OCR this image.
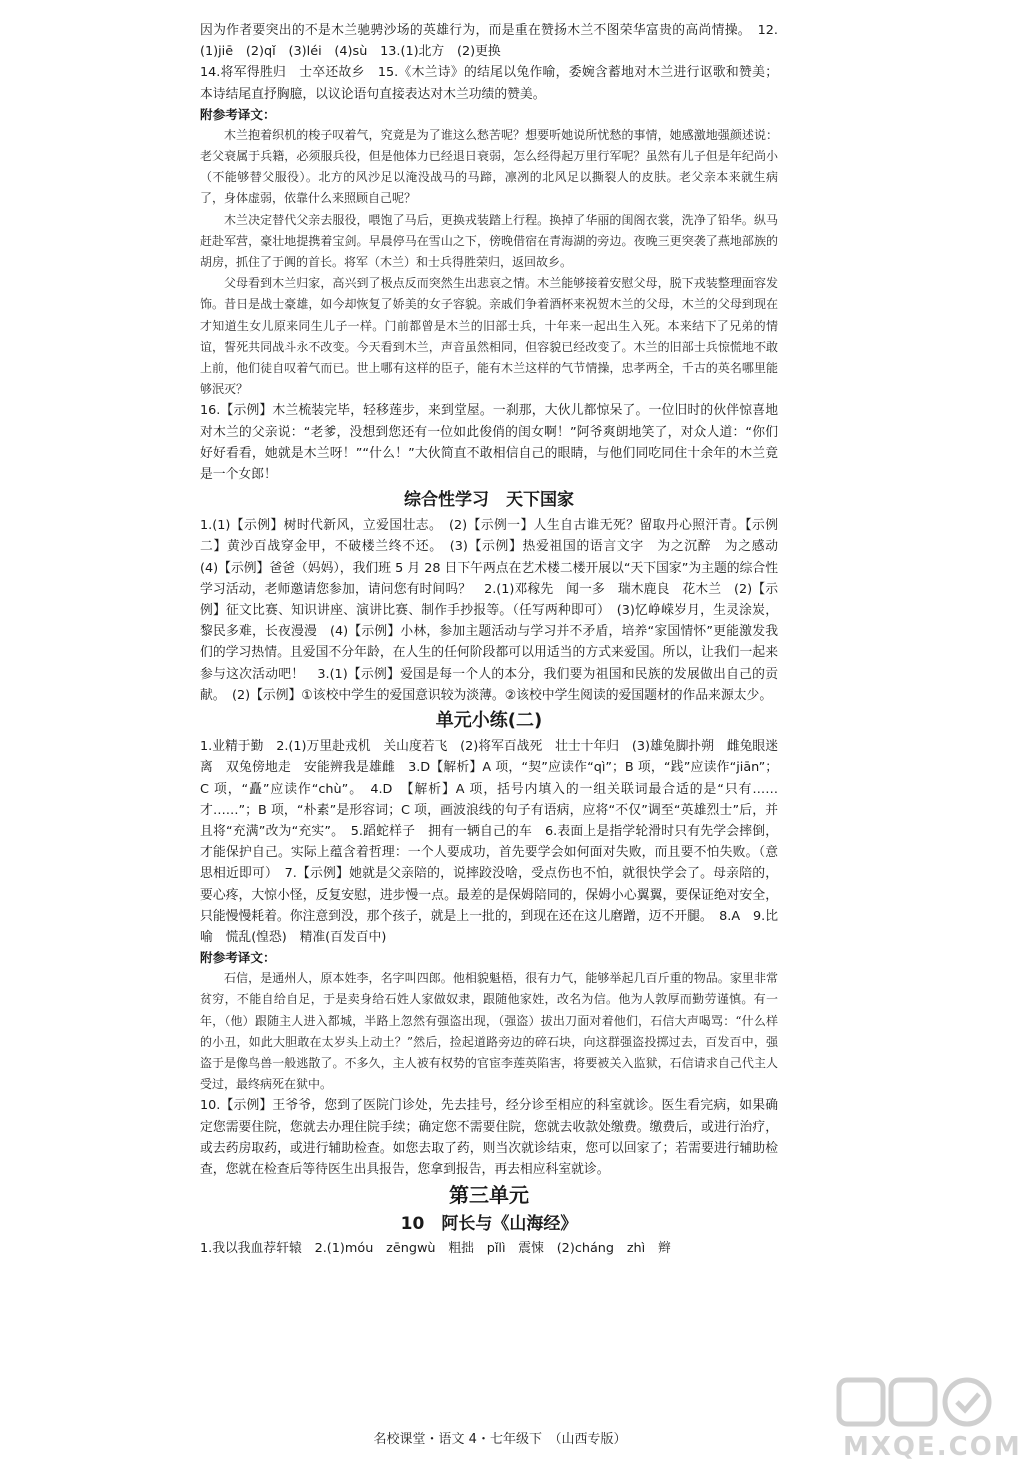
因为作者要突出的不是木兰驰骋沙场的英雄行为，而是重在赞扬木兰不图荣华富贵的高尚情操。　12.(1)jiē　(2)qǐ　(3)léi　(4)sù　13.(1)北方　(2)更换

14.将军得胜归　士卒还故乡　15.《木兰诗》的结尾以兔作喻，委婉含蓄地对木兰进行讴歌和赞美；本诗结尾直抒胸臆，以议论语句直接表达对木兰功绩的赞美。

附参考译文：

木兰抱着织机的梭子叹着气，究竟是为了谁这么愁苦呢？想要听她说所忧愁的事情，她感激地强颜述说：老父衰属于兵籍，必须服兵役，但是他体力已经退日衰弱，怎么经得起万里行军呢？虽然有儿子但是年纪尚小（不能够替父服役）。北方的风沙足以淹没战马的马蹄，凛冽的北风足以撕裂人的皮肤。老父亲本来就生病了，身体虚弱，依靠什么来照顾自己呢？

木兰决定替代父亲去服役，喂饱了马后，更换戎装踏上行程。换掉了华丽的闺阁衣裳，洗净了铅华。纵马赶赴军营，豪壮地提携着宝剑。早晨停马在雪山之下，傍晚借宿在青海湖的旁边。夜晚三更突袭了燕地部族的胡房，抓住了于阗的首长。将军（木兰）和士兵得胜荣归，返回故乡。

父母看到木兰归家，高兴到了极点反而突然生出悲哀之情。木兰能够接着安慰父母，脱下戎装整理面容发饰。昔日是战士豪雄，如今却恢复了娇美的女子容貌。亲戚们争着酒杯来祝贺木兰的父母，木兰的父母到现在才知道生女儿原来同生儿子一样。门前都曾是木兰的旧部士兵，十年来一起出生入死。本来结下了兄弟的情谊，誓死共同战斗永不改变。今天看到木兰，声音虽然相同，但容貌已经改变了。木兰的旧部士兵惊慌地不敢上前，他们徒自叹着气而已。世上哪有这样的臣子，能有木兰这样的气节情操，忠孝两全，千古的英名哪里能够泯灭？

16.【示例】木兰梳装完毕，轻移莲步，来到堂屋。一刹那，大伙儿都惊呆了。一位旧时的伙伴惊喜地对木兰的父亲说：“老爹，没想到您还有一位如此俊俏的闺女啊！”阿爷爽朗地笑了，对众人道：“你们好好看看，她就是木兰呀！”“什么！”大伙简直不敢相信自己的眼睛，与他们同吃同住十余年的木兰竟是一个女郎！

综合性学习　天下国家

1.(1)【示例】树时代新风，立爱国壮志。　(2)【示例一】人生自古谁无死？留取丹心照汗青。【示例二】黄沙百战穿金甲，不破楼兰终不还。　(3)【示例】热爱祖国的语言文字　为之沉醉　为之感动　(4)【示例】爸爸（妈妈），我们班 5 月 28 日下午两点在艺术楼二楼开展以“天下国家”为主题的综合性学习活动，老师邀请您参加，请问您有时间吗？　2.(1)邓稼先　闻一多　瑞木鹿良　花木兰　(2)【示例】征文比赛、知识讲座、演讲比赛、制作手抄报等。（任写两种即可）　(3)忆峥嵘岁月，生灵涂炭，黎民多难，长夜漫漫　(4)【示例】小林，参加主题活动与学习并不矛盾，培养“家国情怀”更能激发我们的学习热情。且爱国不分年龄，在人生的任何阶段都可以用适当的方式来爱国。所以，让我们一起来参与这次活动吧！　3.(1)【示例】爱国是每一个人的本分，我们要为祖国和民族的发展做出自己的贡献。　(2)【示例】①该校中学生的爱国意识较为淡薄。②该校中学生阅读的爱国题材的作品来源太少。

单元小练(二)

1.业精于勤　2.(1)万里赴戎机　关山度若飞　(2)将军百战死　壮士十年归　(3)雄兔脚扑朔　雌兔眼迷离　双兔傍地走　安能辨我是雄雌　3.D【解析】A 项，“契”应读作“qì”；B 项，“践”应读作“jiān”；C 项，“矗”应读作“chù”。　4.D　【解析】A 项，括号内填入的一组关联词最合适的是“只有……才……”；B 项，“朴素”是形容词；C 项，画波浪线的句子有语病，应将“不仅”调至“英雄烈士”后，并且将“充满”改为“充实”。　5.蹈蛇样子　拥有一辆自己的车　6.表面上是指学轮滑时只有先学会摔倒，才能保护自己。实际上蕴含着哲理：一个人要成功，首先要学会如何面对失败，而且要不怕失败。（意思相近即可）　7.【示例】她就是父亲陪的，说摔跤没啥，受点伤也不怕，就很快学会了。母亲陪的，要心疼，大惊小怪，反复安慰，进步慢一点。最差的是保姆陪同的，保姆小心翼翼，要保证绝对安全，只能慢慢耗着。你注意到没，那个孩子，就是上一批的，到现在还在这儿磨蹭，迈不开腿。　8.A　9.比喻　慌乱(惶恐)　精准(百发百中)

附参考译文：

石信，是通州人，原本姓李，名字叫四郎。他相貌魁梧，很有力气，能够举起几百斤重的物品。家里非常贫穷，不能自给自足，于是卖身给石姓人家做奴隶，跟随他家姓，改名为信。他为人敦厚而勤劳谨慎。有一年，（他）跟随主人进入都城，半路上忽然有强盗出现，（强盗）拔出刀面对着他们，石信大声喝骂：“什么样的小丑，如此大胆敢在太岁头上动土？”然后，捡起道路旁边的碎石块，向这群强盗投掷过去，百发百中，强盗于是像鸟兽一般逃散了。不多久，主人被有权势的官宦李莲英陷害，将要被关入监狱，石信请求自己代主人受过，最终病死在狱中。

10.【示例】王爷爷，您到了医院门诊处，先去挂号，经分诊至相应的科室就诊。医生看完病，如果确定您需要住院，您就去办理住院手续；确定您不需要住院，您就去收款处缴费。缴费后，或进行治疗，或去药房取药，或进行辅助检查。如您去取了药，则当次就诊结束，您可以回家了；若需要进行辅助检查，您就在检查后等待医生出具报告，您拿到报告，再去相应科室就诊。

第三单元
10　阿长与《山海经》

1.我以我血荐轩辕　2.(1)móu　zēngwù　粗拙　pǐlì　震悚　(2)cháng　zhì　辫

名校课堂・语文 4・七年级下　（山西专版）	MXQE.COM
